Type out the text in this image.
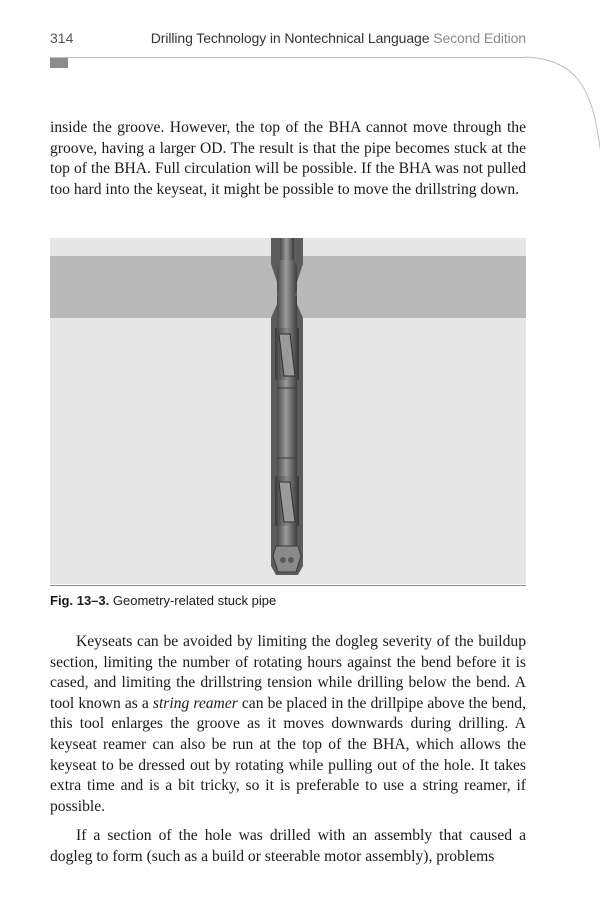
314	Drilling Technology in Nontechnical Language Second Edition

inside the groove. However, the top of the BHA cannot move through the groove, having a larger OD. The result is that the pipe becomes stuck at the top of the BHA. Full circulation will be possible. If the BHA was not pulled too hard into the keyseat, it might be possible to move the drillstring down.

Fig. 13–3. Geometry-related stuck pipe

Keyseats can be avoided by limiting the dogleg severity of the buildup section, limiting the number of rotating hours against the bend before it is cased, and limiting the drillstring tension while drilling below the bend. A tool known as a string reamer can be placed in the drillpipe above the bend, this tool enlarges the groove as it moves downwards during drilling. A keyseat reamer can also be run at the top of the BHA, which allows the keyseat to be dressed out by rotating while pulling out of the hole. It takes extra time and is a bit tricky, so it is preferable to use a string reamer, if possible.

If a section of the hole was drilled with an assembly that caused a dogleg to form (such as a build or steerable motor assembly), problems
